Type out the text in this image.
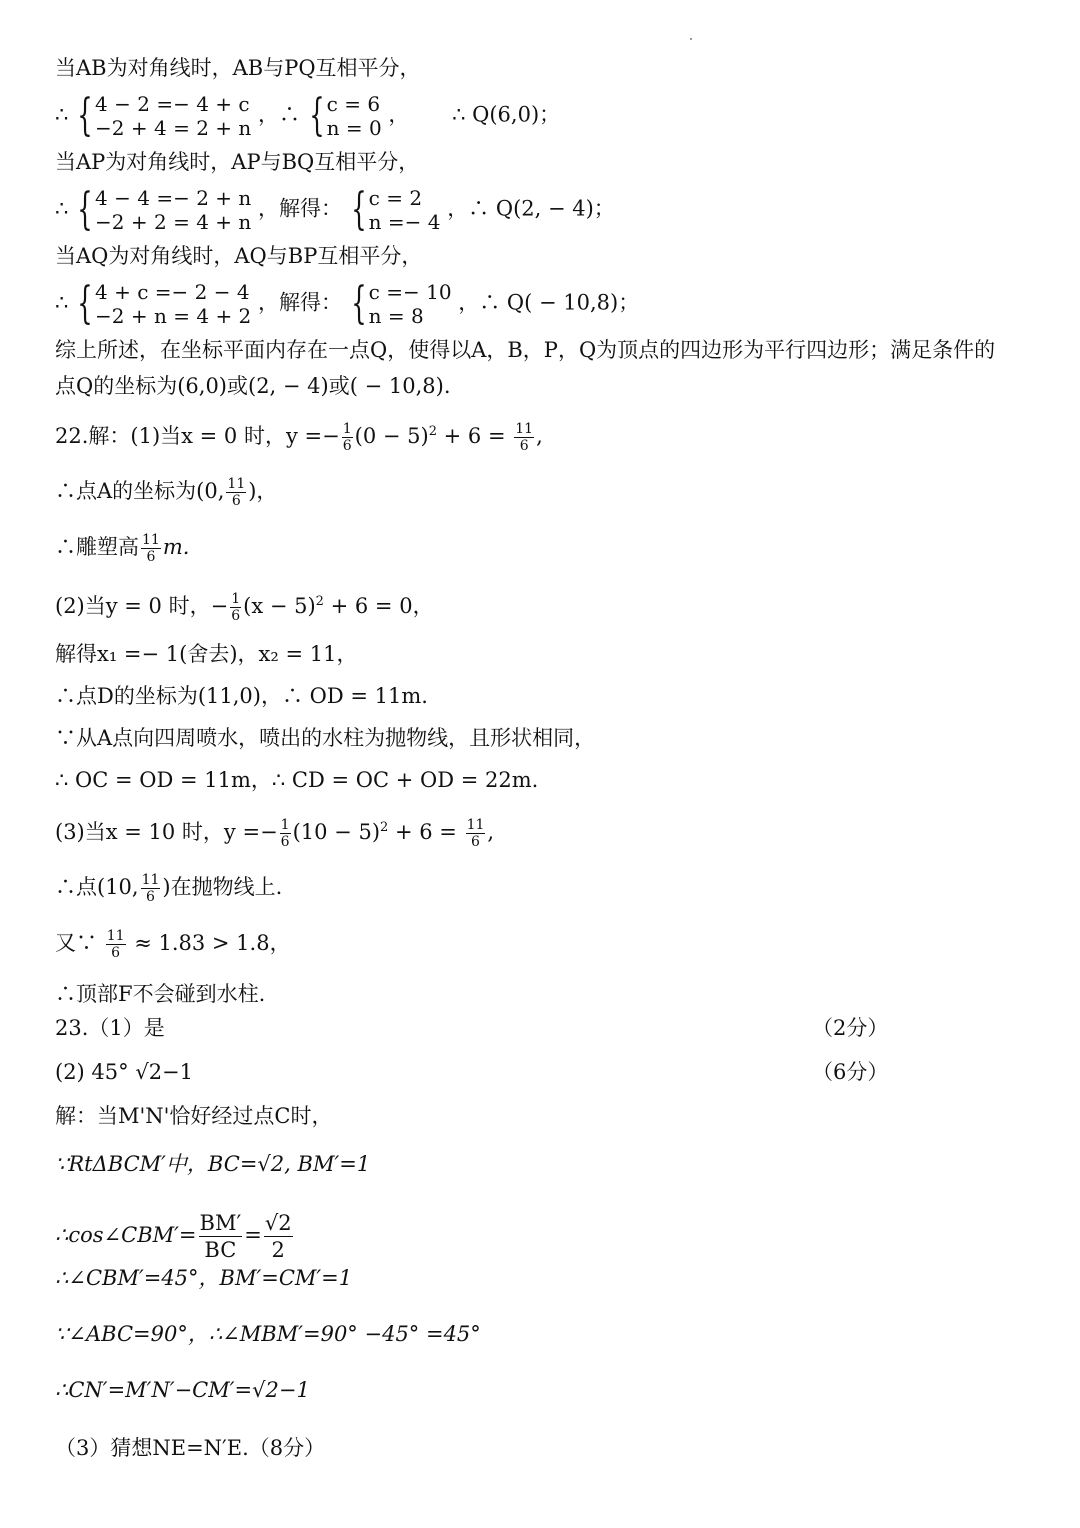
当AB为对角线时，AB与PQ互相平分，
∴ { 4 − 2 =− 4 + c
−2 + 4 = 2 + n
，∴ { c = 6
n = 0
， ∴ Q(6,0)；
当AP为对角线时，AP与BQ互相平分，
∴ { 4 − 4 =− 2 + n
−2 + 2 = 4 + n
，解得： { c = 2
n =− 4
，∴ Q(2, − 4)；
当AQ为对角线时，AQ与BP互相平分，
∴ { 4 + c =− 2 − 4
−2 + n = 4 + 2
，解得： { c =− 10
n = 8
，∴ Q( − 10,8)；
综上所述，在坐标平面内存在一点Q，使得以A，B，P，Q为顶点的四边形为平行四边形；满足条件的
点Q的坐标为(6,0)或(2, − 4)或( − 10,8).
22.解：(1)当x = 0 时，$y =- \frac{1}{6} (0 - 5)^2 + 6 = \frac{11}{6}$ ,
∴点A的坐标为(0, $\frac{11}{6}$ )，
∴雕塑高 $\frac{11}{6} m$.
(2)当y = 0 时，− $\frac{1}{6} (x - 5)^2 + 6 = 0$，
解得x₁ =− 1(舍去)，x₂ = 11，
∴点D的坐标为(11,0)，∴ OD = 11m.
∵从A点向四周喷水，喷出的水柱为抛物线，且形状相同，
∴ OC = OD = 11m，∴ CD = OC + OD = 22m.
(3)当x = 10 时，$y =- \frac{1}{6} (10 - 5)^2 + 6 = \frac{11}{6}$ ,
∴点(10, $\frac{11}{6}$ )在抛物线上.
又∵ $\frac{11}{6} \approx 1.83 > 1.8$，
∴顶部F不会碰到水柱.
23.（1）是	（2分）
(2) 45° √2−1	（6分）
解：当M'N'恰好经过点C时，
∵RtΔBCM′中，BC=√2, BM′=1
∴cos∠CBM′= $\frac{BM'}{BC} = \frac{√2}{2}$
∴∠CBM′=45°，BM′=CM′=1
∵∠ABC=90°，∴∠MBM′=90° −45° =45°
∴CN′=M′N′−CM′=√2−1
（3）猜想NE=N′E.（8分）
